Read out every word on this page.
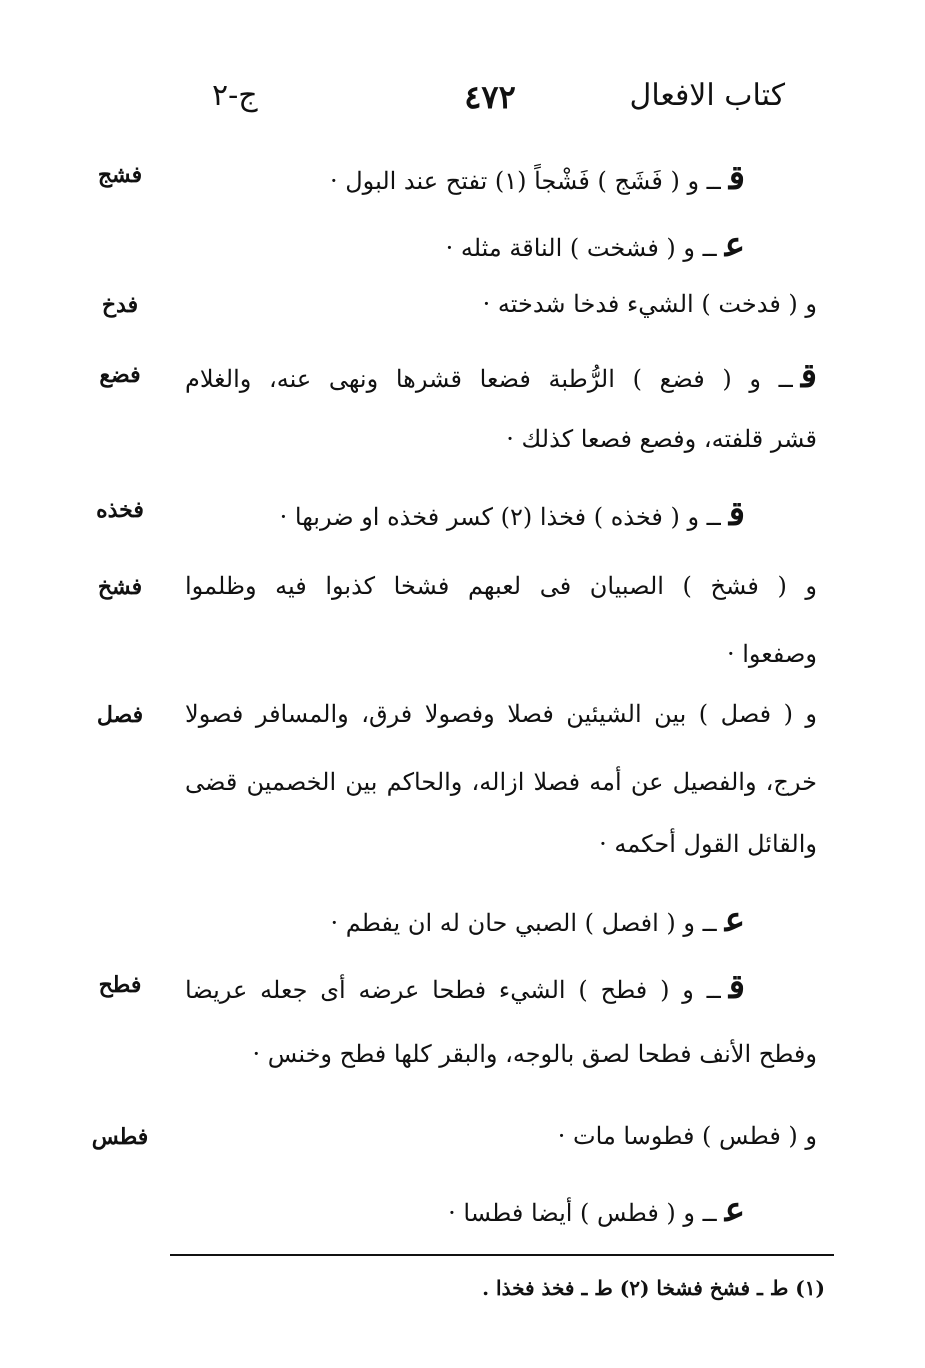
كتاب الافعال
٤٧٢
ج-٢
قــ و ( فَشَج ) فَشْجاً (١) تفتح عند البول ·
فشج
عــ و ( فشخت ) الناقة مثله ·
و ( فدخت ) الشيء فدخا شدخته ·
فدخ
قــ و ( فضع ) الرُّطبة فضعا قشرها ونهى عنه، والغلام
فضع
قشر قلفته، وفصع فصعا كذلك ·
قــ و ( فخذه ) فخذا (٢) كسر فخذه او ضربها ·
فخذه
و ( فشخ ) الصبيان فى لعبهم فشخا كذبوا فيه وظلموا
فشخ
وصفعوا ·
و ( فصل ) بين الشيئين فصلا وفصولا فرق، والمسافر فصولا
فصل
خرج، والفصيل عن أمه فصلا ازاله، والحاكم بين الخصمين قضى
والقائل القول أحكمه ·
عــ و ( افصل ) الصبي حان له ان يفطم ·
قــ و ( فطح ) الشيء فطحا عرضه أى جعله عريضا
فطح
وفطح الأنف فطحا لصق بالوجه، والبقر كلها فطح وخنس ·
و ( فطس ) فطوسا مات ·
فطس
عــ و ( فطس ) أيضا فطسا ·
(١) ط ـ فشخ فشخا (٢) ط ـ فخذ فخذا .
